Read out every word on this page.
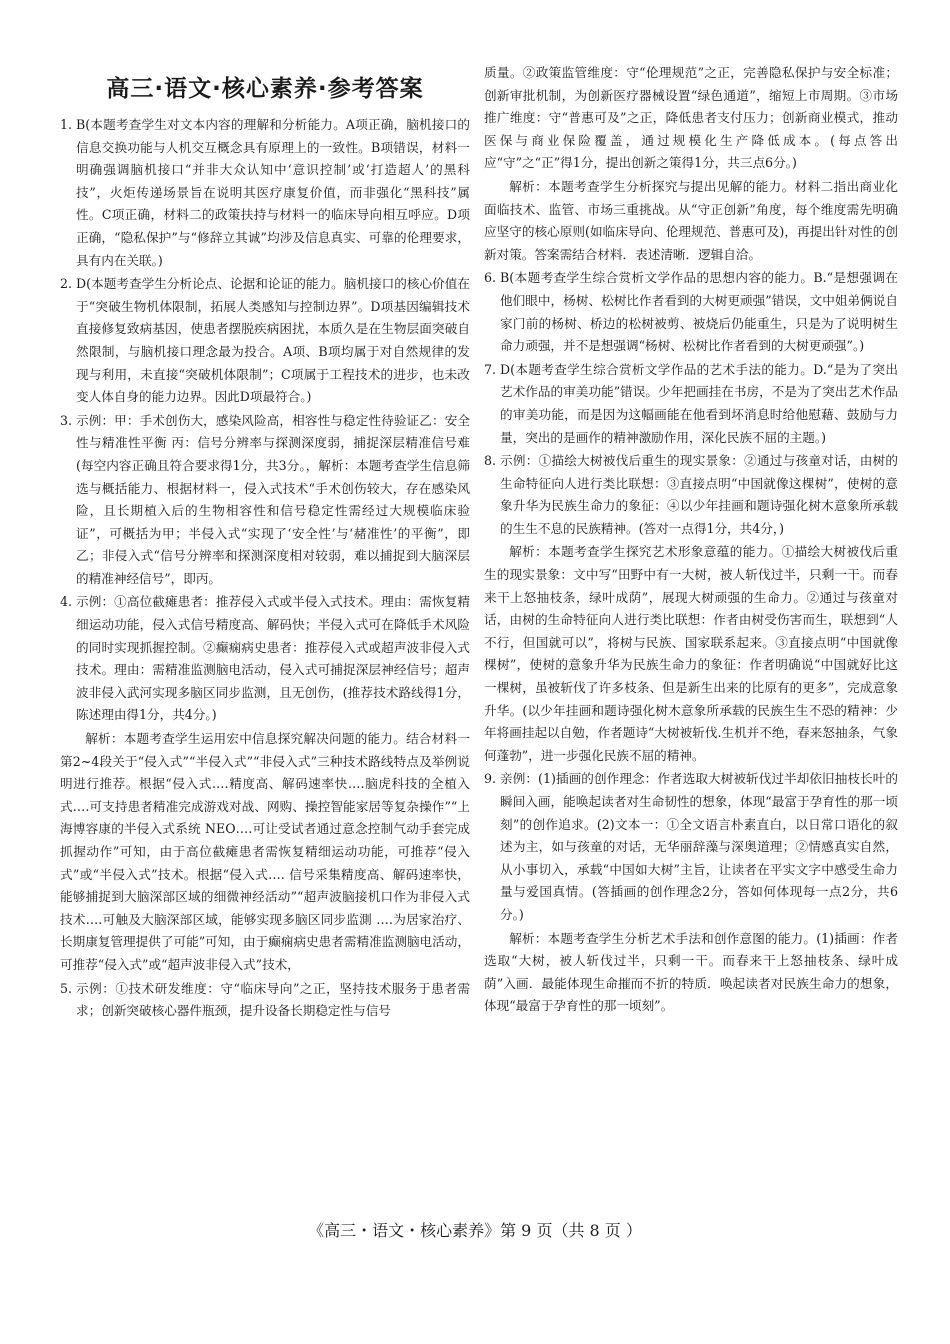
高三·语文·核心素养·参考答案
1. B(本题考查学生对文本内容的理解和分析能力。A项正确，脑机接口的信息交换功能与人机交互概念具有原理上的一致性。B项错误，材料一明确强调脑机接口“并非大众认知中‘意识控制’或‘打造超人’的黑科技”，火炬传递场景旨在说明其医疗康复价值，而非强化“黑科技”属性。C项正确，材料二的政策扶持与材料一的临床导向相互呼应。D项正确，“隐私保护”与“修辞立其诚”均涉及信息真实、可靠的伦理要求，具有内在关联。)
2. D(本题考查学生分析论点、论据和论证的能力。脑机接口的核心价值在于“突破生物机体限制，拓展人类感知与控制边界”。D项基因编辑技术直接修复致病基因，使患者摆脱疾病困扰，本质久是在生物层面突破自然限制，与脑机接口理念最为投合。A项、B项均属于对自然规律的发现与利用，未直接“突破机体限制”；C项属于工程技术的进步，也未改变人体自身的能力边界。因此D项最符合。)
3. 示例：甲：手术创伤大，感染风险高，相容性与稳定性待验证乙：安全性与精准性平衡 丙：信号分辨率与探测深度弱，捕捉深层精准信号难(每空内容正确且符合要求得1分，共3分。，解析：本题考查学生信息筛选与概括能力、根据材料一，侵入式技术“手术创伤较大，存在感染风险，且长期植入后的生物相容性和信号稳定性需经过大规模临床验证”，可概括为甲；半侵入式“实现了‘安全性’与‘赭准性’的平衡”，即乙；非侵入式“信号分辨率和探测深度相对较弱，难以捕捉到大脑深层的精准神经信号”，即丙。
4. 示例：①高位截瘫患者：推荐侵入式或半侵入式技术。理由：需恢复精细运动功能，侵入式信号精度高、解码快；半侵入式可在降低手术风险的同时实现抓握控制。②癫痫病史患者：推荐侵入式或超声波非侵入式技术。理由：需精准监测脑电活动，侵入式可捕捉深层神经信号；超声波非侵入武河实现多脑区同步监测，且无创伤，(推荐技术路线得1分，陈述理由得1分，共4分。)
解析：本题考查学生运用宏中信息探究解决问题的能力。结合材料一第2~4段关于“侵入式”“半侵入式”“非侵入式”三种技术路线特点及举例说明进行推荐。根据“侵入式‥‥精度高、解码速率快‥‥脑虎科技的全植入式‥‥可支持患者精准完成游戏对战、网购、操控智能家居等复杂操作”“上海博容康的半侵入式系统 NEO‥‥可让受试者通过意念控制气动手套完成抓握动作”可知，由于高位截瘫患者需恢复精细运动功能，可推荐“侵入式”或“半侵入式”技术。根据“侵入式‥‥ 信号采集精度高、解码速率快，能够捕捉到大脑深部区域的细微神经活动”“超声波脑接机口作为非侵入式技术‥‥可触及大脑深部区域，能够实现多脑区同步监測 ‥‥为居家治疗、长期康复管理提供了可能”可知，由于癫痫病史患者需精准监测脑电活动，可推荐“侵入式”或“超声波非侵入式”技术，
5. 示例：①技术研发维度：守“临床导向”之正，坚持技术服务于患者需求；创新突破核心器件瓶颈，提升设备长期稳定性与信号
质量。②政策监管维度：守“伦理规范”之正，完善隐私保护与安全标准；创新审批机制，为创新医疗器械设置“绿色通道”，缩短上市周期。③市场推广维度：守“普惠可及”之正，降低患者支付压力；创新商业模式，推动医保与商业保险覆盖，通过规模化生产降低成本。(每点答出应“守”之“正”得1分，提出创新之策得1分，共三点6分。)
解析：本题考查学生分析探究与提出见解的能力。材料二指出商业化面临技术、监管、市场三重挑战。从“守正创新”角度，每个维度需先明确应坚守的核心原则(如临床导向、伦理规范、普惠可及)，再提出针对性的创新对策。答案需结合材料．表述清晰．逻辑自洽。
6. B(本题考查学生综合赏析文学作品的思想内容的能力。B.“是想强调在他们眼中，杨树、松树比作者看到的大树更顽强”错误，文中姐弟俩说自家门前的杨树、桥边的松树被剪、被烧后仍能重生，只是为了说明树生命力顽强，并不是想强调“杨树、松树比作者看到的大树更顽强”。)
7. D(本题考查学生综合赏析文学作品的艺术手法的能力。D.“是为了突出艺术作品的审美功能”错误。少年把画挂在书房，不是为了突出艺术作品的审美功能，而是因为这幅画能在他看到坏消息时给他慰藉、鼓励与力量，突出的是画作的精神激励作用，深化民族不屈的主题。)
8. 示例：①描绘大树被伐后重生的现实景象：②通过与孩童对话，由树的生命特征向人进行类比联想：③直接点明“中国就像这棵树”，使树的意象升华为民族生命力的象征：④以少年挂画和题诗强化树木意象所承载的生生不息的民族精神。(答对一点得1分，共4分，)
解析：本题考查学生探究艺术形象意蕴的能力。①描绘大树被伐后重生的现实景象：文中写“田野中有一大树，被人斩伐过半，只剩一干。而春来干上怒抽枝条，绿叶成荫”，展现大树顽强的生命力。②通过与孩童对话，由树的生命特征向人进行类比联想：作者由树受伤害而生，联想到“人不行，但国就可以”，将树与民族、国家联系起来。③直接点明“中国就像棵树”，使树的意象升华为民族生命力的象征：作者明确说“中国就好比这一棵树，虽被斩伐了许多枝条、但是新生出来的比原有的更多”，完成意象升华。(以少年挂画和题诗强化树木意象所承载的民族生生不恐的精神：少年将画挂起以自勉，作者题诗“大树被斩伐.生机并不绝，春来怒抽条，气象何蓬勃”，进一步强化民族不屈的精神。
9. 亲例：(1)插画的创作理念：作者选取大树被斩伐过半却依旧抽枝长叶的瞬间入画，能唤起读者对生命韧性的想象，体现“最富于孕育性的那一顷刻”的创作追求。(2)文本一：①全文语言朴素直白，以日常口语化的叙述为主，如与孩童的对话，无华丽辞藻与深奥道理；②情感真实自然，从小事切入，承载“中国如大树”主旨，让读者在平实文字中感受生命力量与爱国真情。(答插画的创作理念2分，答如何体现每一点2分，共6分。)
解析：本题考查学生分析艺术手法和创作意图的能力。(1)插画：作者选取“大树，被人斩伐过半，只剩一干。而春来干上怒抽枝条、绿叶成荫”入画．最能体现生命摧而不折的特质．唤起读者对民族生命力的想象，体现“最富于孕育性的那一顷刻”。
《高三・语文・核心素养》第 9 页（共 8 页 ）
